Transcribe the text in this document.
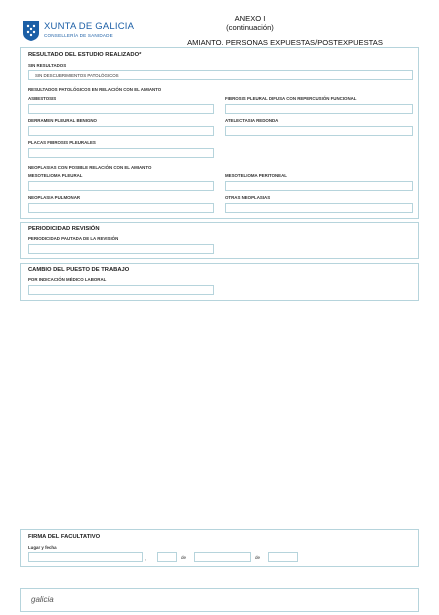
XUNTA DE GALICIA
CONSELLERÍA DE SANIDADE
ANEXO I
(continuación)
AMIANTO. PERSONAS EXPUESTAS/POSTEXPUESTAS
RESULTADO DEL ESTUDIO REALIZADO*
SIN RESULTADOS
SIN DESCUBRIMIENTOS PATOLÓGICOS
RESULTADOS PATOLÓGICOS EN RELACIÓN CON EL AMIANTO
ASBESTOSIS	FIBROSIS PLEURAL DIFUSA CON REPERCUSIÓN FUNCIONAL
DERRAMEN PLEURAL BENIGNO	ATELECTASIA REDONDA
PLACAS FIBROSIS PLEURALES
NEOPLASIAS CON POSIBLE RELACIÓN CON EL AMIANTO
MESOTELIOMA PLEURAL	MESOTELIOMA PERITONEAL
NEOPLASIA PULMONAR	OTRAS NEOPLASIAS
PERIODICIDAD REVISIÓN
PERIODICIDAD PAUTADA DE LA REVISIÓN
CAMBIO DEL PUESTO DE TRABAJO
POR INDICACIÓN MÉDICO LABORAL
FIRMA DEL FACULTATIVO
Lugar y fecha
,	de	de
galicia
